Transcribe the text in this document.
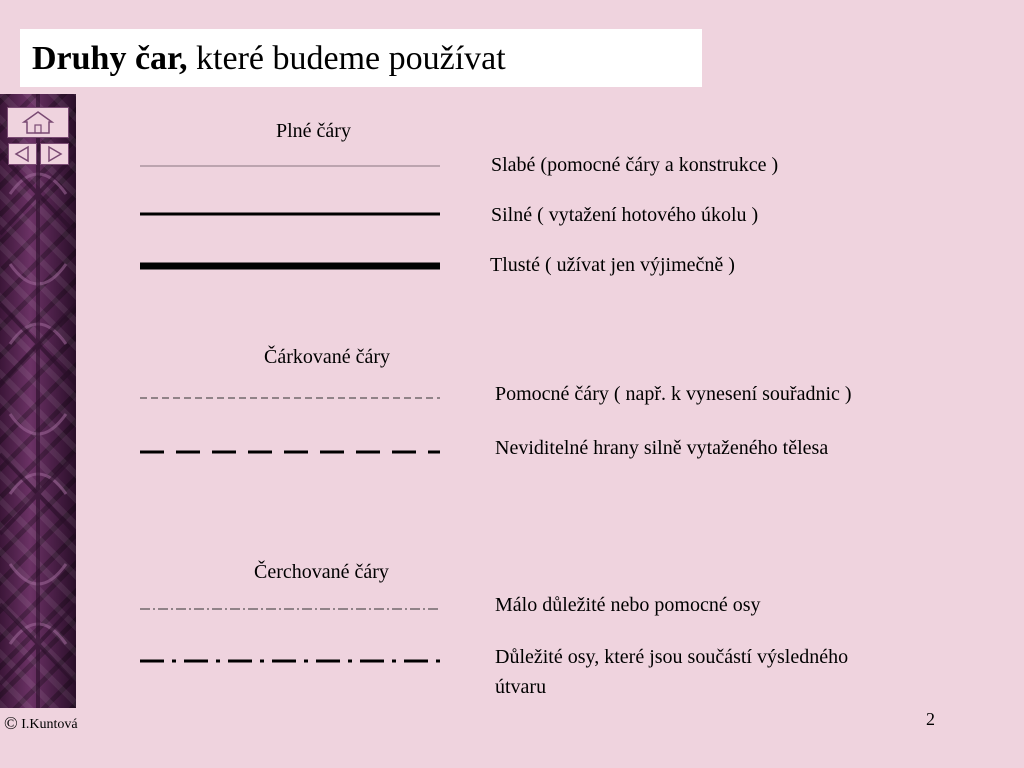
Druhy čar, které budeme používat
Plné čáry
Čárkované čáry
Čerchované čáry
Slabé (pomocné čáry a konstrukce )
Silné ( vytažení hotového úkolu )
Tlusté ( užívat jen výjimečně )
Pomocné čáry ( např. k vynesení souřadnic )
Neviditelné hrany silně vytaženého tělesa
Málo důležité nebo pomocné osy
Důležité osy, které jsou součástí výsledného
útvaru
© I.Kuntová	2
